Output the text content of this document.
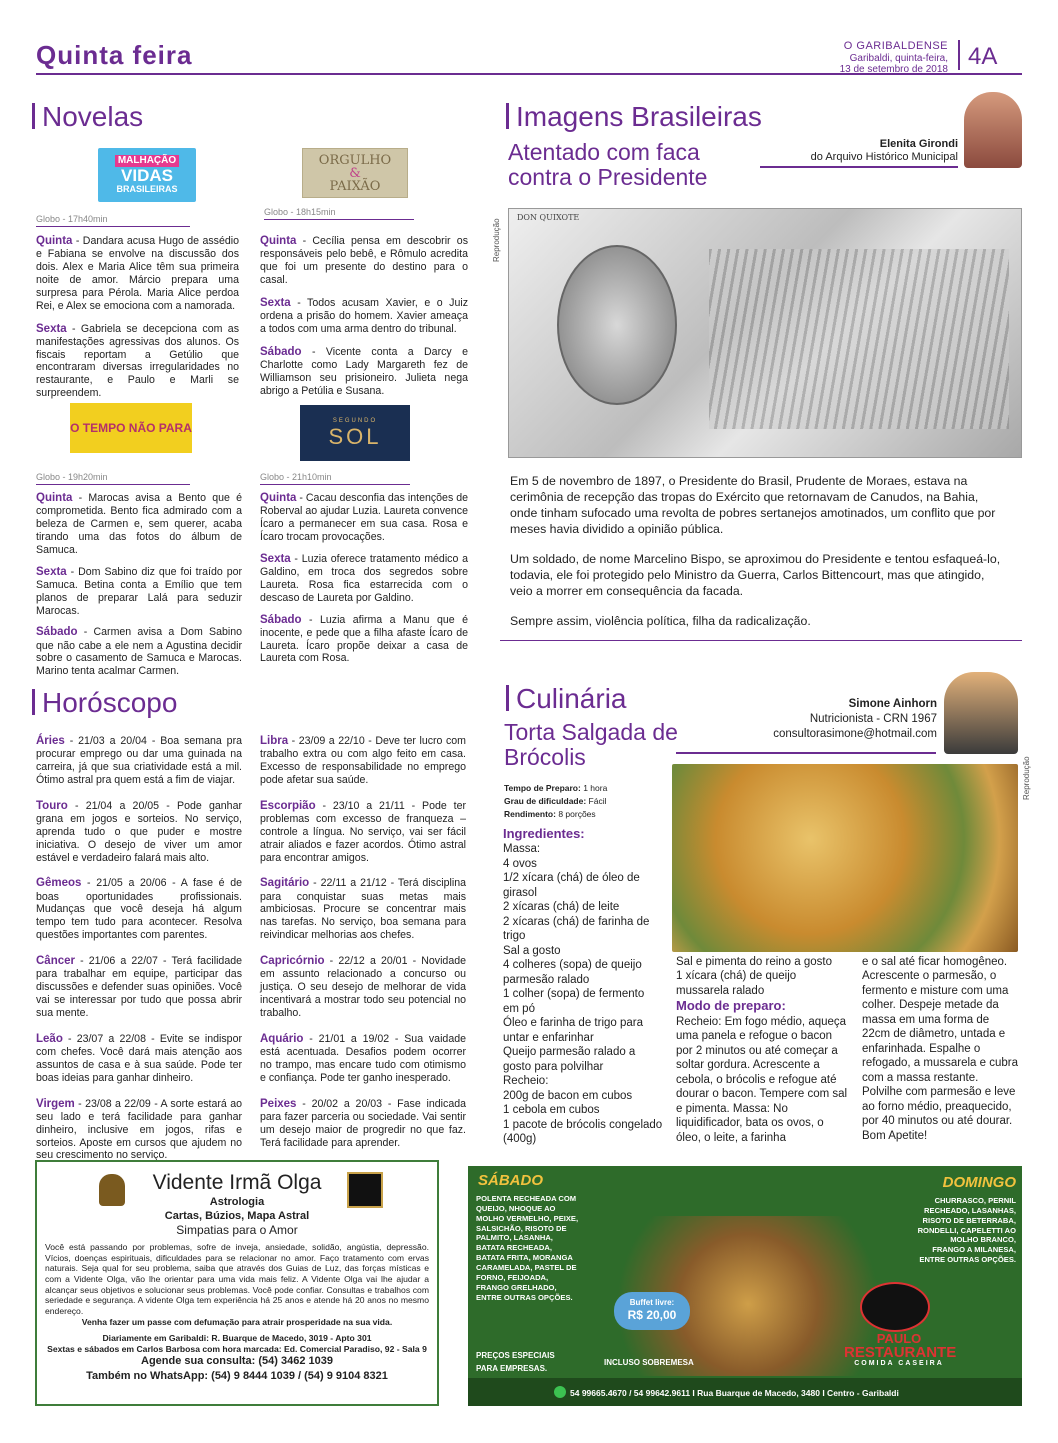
Quinta feira	O GARIBALDENSE
Garibaldi, quinta-feira,
13 de setembro de 2018 4A
Novelas
MALHAÇÃO
VIDAS
BRASILEIRAS
Globo - 17h40min

Quinta - Dandara acusa Hugo de assédio e Fabiana se envolve na discussão dos dois. Alex e Maria Alice têm sua primeira noite de amor. Márcio prepara uma surpresa para Pérola. Maria Alice perdoa Rei, e Alex se emociona com a namorada.

Sexta - Gabriela se decepciona com as manifestações agressivas dos alunos. Os fiscais reportam a Getúlio que encontraram diversas irregularidades no restaurante, e Paulo e Marli se surpreendem.

ORGULHO
&
PAIXÃO
Globo - 18h15min

Quinta - Cecília pensa em descobrir os responsáveis pelo bebê, e Rômulo acredita que foi um presente do destino para o casal.

Sexta - Todos acusam Xavier, e o Juiz ordena a prisão do homem. Xavier ameaça a todos com uma arma dentro do tribunal.

Sábado - Vicente conta a Darcy e Charlotte como Lady Margareth fez de Williamson seu prisioneiro. Julieta nega abrigo a Petúlia e Susana.

O TEMPO NÃO PARA
Globo - 19h20min

Quinta - Marocas avisa a Bento que é comprometida. Bento fica admirado com a beleza de Carmen e, sem querer, acaba tirando uma das fotos do álbum de Samuca.

Sexta - Dom Sabino diz que foi traído por Samuca. Betina conta a Emílio que tem planos de preparar Lalá para seduzir Marocas.

Sábado - Carmen avisa a Dom Sabino que não cabe a ele nem a Agustina decidir sobre o casamento de Samuca e Marocas. Marino tenta acalmar Carmen.

SEGUNDO
SOL
Globo - 21h10min

Quinta - Cacau desconfia das intenções de Roberval ao ajudar Luzia. Laureta convence Ícaro a permanecer em sua casa. Rosa e Ícaro trocam provocações.

Sexta - Luzia oferece tratamento médico a Galdino, em troca dos segredos sobre Laureta. Rosa fica estarrecida com o descaso de Laureta por Galdino.

Sábado - Luzia afirma a Manu que é inocente, e pede que a filha afaste Ícaro de Laureta. Ícaro propõe deixar a casa de Laureta com Rosa.

Imagens Brasileiras
Atentado com faca contra o Presidente
Elenita Girondi
do Arquivo Histórico Municipal
Reprodução
DON QUIXOTE

Em 5 de novembro de 1897, o Presidente do Brasil, Prudente de Moraes, estava na cerimônia de recepção das tropas do Exército que retornavam de Canudos, na Bahia, onde tinham sufocado uma revolta de pobres sertanejos amotinados, um conflito que por meses havia dividido a opinião pública.

Um soldado, de nome Marcelino Bispo, se aproximou do Presidente e tentou esfaqueá-lo, todavia, ele foi protegido pelo Ministro da Guerra, Carlos Bittencourt, mas que atingido, veio a morrer em consequência da facada.

Sempre assim, violência política, filha da radicalização.

Horóscopo

Áries - 21/03 a 20/04 - Boa semana pra procurar emprego ou dar uma guinada na carreira, já que sua criatividade está a mil. Ótimo astral pra quem está a fim de viajar.

Touro - 21/04 a 20/05 - Pode ganhar grana em jogos e sorteios. No serviço, aprenda tudo o que puder e mostre iniciativa. O desejo de viver um amor estável e verdadeiro falará mais alto.

Gêmeos - 21/05 a 20/06 - A fase é de boas oportunidades profissionais. Mudanças que você deseja há algum tempo tem tudo para acontecer. Resolva questões importantes com parentes.

Câncer - 21/06 a 22/07 - Terá facilidade para trabalhar em equipe, participar das discussões e defender suas opiniões. Você vai se interessar por tudo que possa abrir sua mente.

Leão - 23/07 a 22/08 - Evite se indispor com chefes. Você dará mais atenção aos assuntos de casa e à sua saúde. Pode ter boas ideias para ganhar dinheiro.

Virgem - 23/08 a 22/09 - A sorte estará ao seu lado e terá facilidade para ganhar dinheiro, inclusive em jogos, rifas e sorteios. Aposte em cursos que ajudem no seu crescimento no serviço.

Libra - 23/09 a 22/10 - Deve ter lucro com trabalho extra ou com algo feito em casa. Excesso de responsabilidade no emprego pode afetar sua saúde.

Escorpião - 23/10 a 21/11 - Pode ter problemas com excesso de franqueza – controle a língua. No serviço, vai ser fácil atrair aliados e fazer acordos. Ótimo astral para encontrar amigos.

Sagitário - 22/11 a 21/12 - Terá disciplina para conquistar suas metas mais ambiciosas. Procure se concentrar mais nas tarefas. No serviço, boa semana para reivindicar melhorias aos chefes.

Capricórnio - 22/12 a 20/01 - Novidade em assunto relacionado a concurso ou justiça. O seu desejo de melhorar de vida incentivará a mostrar todo seu potencial no trabalho.

Aquário - 21/01 a 19/02 - Sua vaidade está acentuada. Desafios podem ocorrer no trampo, mas encare tudo com otimismo e confiança. Pode ter ganho inesperado.

Peixes - 20/02 a 20/03 - Fase indicada para fazer parceria ou sociedade. Vai sentir um desejo maior de progredir no que faz. Terá facilidade para aprender.

Culinária
Torta Salgada de Brócolis
Simone Ainhorn
Nutricionista - CRN 1967
consultorasimone@hotmail.com
Reprodução
Tempo de Preparo: 1 hora
Grau de dificuldade: Fácil
Rendimento: 8 porções
Ingredientes:
Massa:
4 ovos
1/2 xícara (chá) de óleo de girasol
2 xícaras (chá) de leite
2 xícaras (chá) de farinha de trigo
Sal a gosto
4 colheres (sopa) de queijo parmesão ralado
1 colher (sopa) de fermento em pó
Óleo e farinha de trigo para untar e enfarinhar
Queijo parmesão ralado a gosto para polvilhar
Recheio:
200g de bacon em cubos
1 cebola em cubos
1 pacote de brócolis congelado (400g)
Sal e pimenta do reino a gosto
1 xícara (chá) de queijo mussarela ralado
Modo de preparo:
Recheio: Em fogo médio, aqueça uma panela e refogue o bacon por 2 minutos ou até começar a soltar gordura. Acrescente a cebola, o brócolis e refogue até dourar o bacon. Tempere com sal e pimenta. Massa: No liquidificador, bata os ovos, o óleo, o leite, a farinha
e o sal até ficar homogêneo. Acrescente o parmesão, o fermento e misture com uma colher. Despeje metade da massa em uma forma de 22cm de diâmetro, untada e enfarinhada. Espalhe o refogado, a mussarela e cubra com a massa restante. Polvilhe com parmesão e leve ao forno médio, preaquecido, por 40 minutos ou até dourar. Bom Apetite!
Vidente Irmã Olga
Astrologia
Cartas, Búzios, Mapa Astral
Simpatias para o Amor

Você está passando por problemas, sofre de inveja, ansiedade, solidão, angústia, depressão. Vícios, doenças espirituais, dificuldades para se relacionar no amor. Faço tratamento com ervas naturais. Seja qual for seu problema, saiba que através dos Guias de Luz, das forças místicas e com a Vidente Olga, vão lhe orientar para uma vida mais feliz. A Vidente Olga vai lhe ajudar a alcançar seus objetivos e solucionar seus problemas. Você pode confiar. Consultas e trabalhos com seriedade e segurança. A vidente Olga tem experiência há 25 anos e atende há 20 anos no mesmo endereço.

Venha fazer um passe com defumação para atrair prosperidade na sua vida.

Diariamente em Garibaldi: R. Buarque de Macedo, 3019 - Apto 301

Sextas e sábados em Carlos Barbosa com hora marcada: Ed. Comercial Paradiso, 92 - Sala 9

Agende sua consulta: (54) 3462 1039

Também no WhatsApp: (54) 9 8444 1039 / (54) 9 9104 8321

SÁBADO
POLENTA RECHEADA COM QUEIJO, NHOQUE AO MOLHO VERMELHO, PEIXE, SALSICHÃO, RISOTO DE PALMITO, LASANHA, BATATA RECHEADA, BATATA FRITA, MORANGA CARAMELADA, PASTEL DE FORNO, FEIJOADA, FRANGO GRELHADO, ENTRE OUTRAS OPÇÕES.
DOMINGO
CHURRASCO, PERNIL RECHEADO, LASANHAS, RISOTO DE BETERRABA, RONDELLI, CAPELETTI AO MOLHO BRANCO, FRANGO A MILANESA, ENTRE OUTRAS OPÇÕES.
Buffet livre:
R$ 20,00
PREÇOS ESPECIAIS
PARA EMPRESAS.
INCLUSO SOBREMESA
PAULO
RESTAURANTE
COMIDA CASEIRA
54 99665.4670 / 54 99642.9611 I Rua Buarque de Macedo, 3480 I Centro - Garibaldi
